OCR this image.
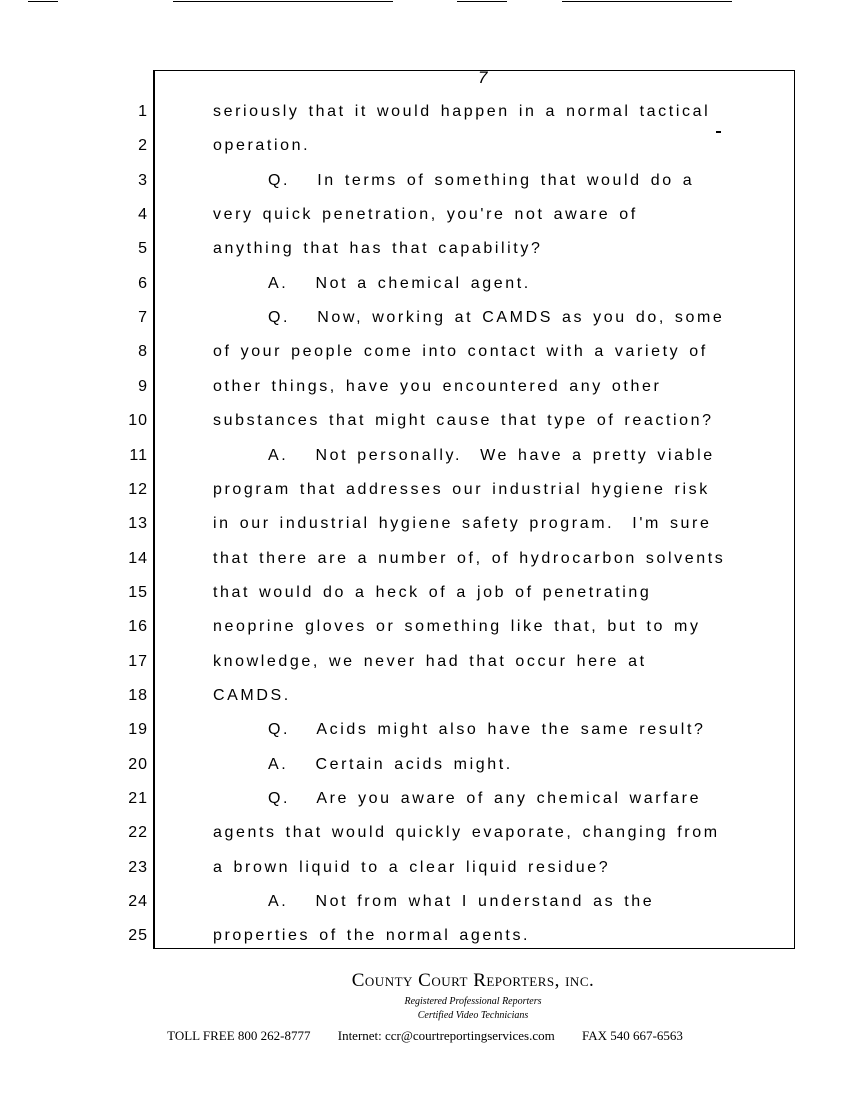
7
1	seriously that it would happen in a normal tactical
2	operation.
3	Q.   In terms of something that would do a
4	very quick penetration, you're not aware of
5	anything that has that capability?
6	A.   Not a chemical agent.
7	Q.   Now, working at CAMDS as you do, some
8	of your people come into contact with a variety of
9	other things, have you encountered any other
10	substances that might cause that type of reaction?
11	A.   Not personally.  We have a pretty viable
12	program that addresses our industrial hygiene risk
13	in our industrial hygiene safety program.  I'm sure
14	that there are a number of, of hydrocarbon solvents
15	that would do a heck of a job of penetrating
16	neoprine gloves or something like that, but to my
17	knowledge, we never had that occur here at
18	CAMDS.
19	Q.   Acids might also have the same result?
20	A.   Certain acids might.
21	Q.   Are you aware of any chemical warfare
22	agents that would quickly evaporate, changing from
23	a brown liquid to a clear liquid residue?
24	A.   Not from what I understand as the
25	properties of the normal agents.
County Court Reporters, inc.
Registered Professional Reporters
Certified Video Technicians
TOLL FREE 800 262-8777 Internet: ccr@courtreportingservices.com FAX 540 667-6563
